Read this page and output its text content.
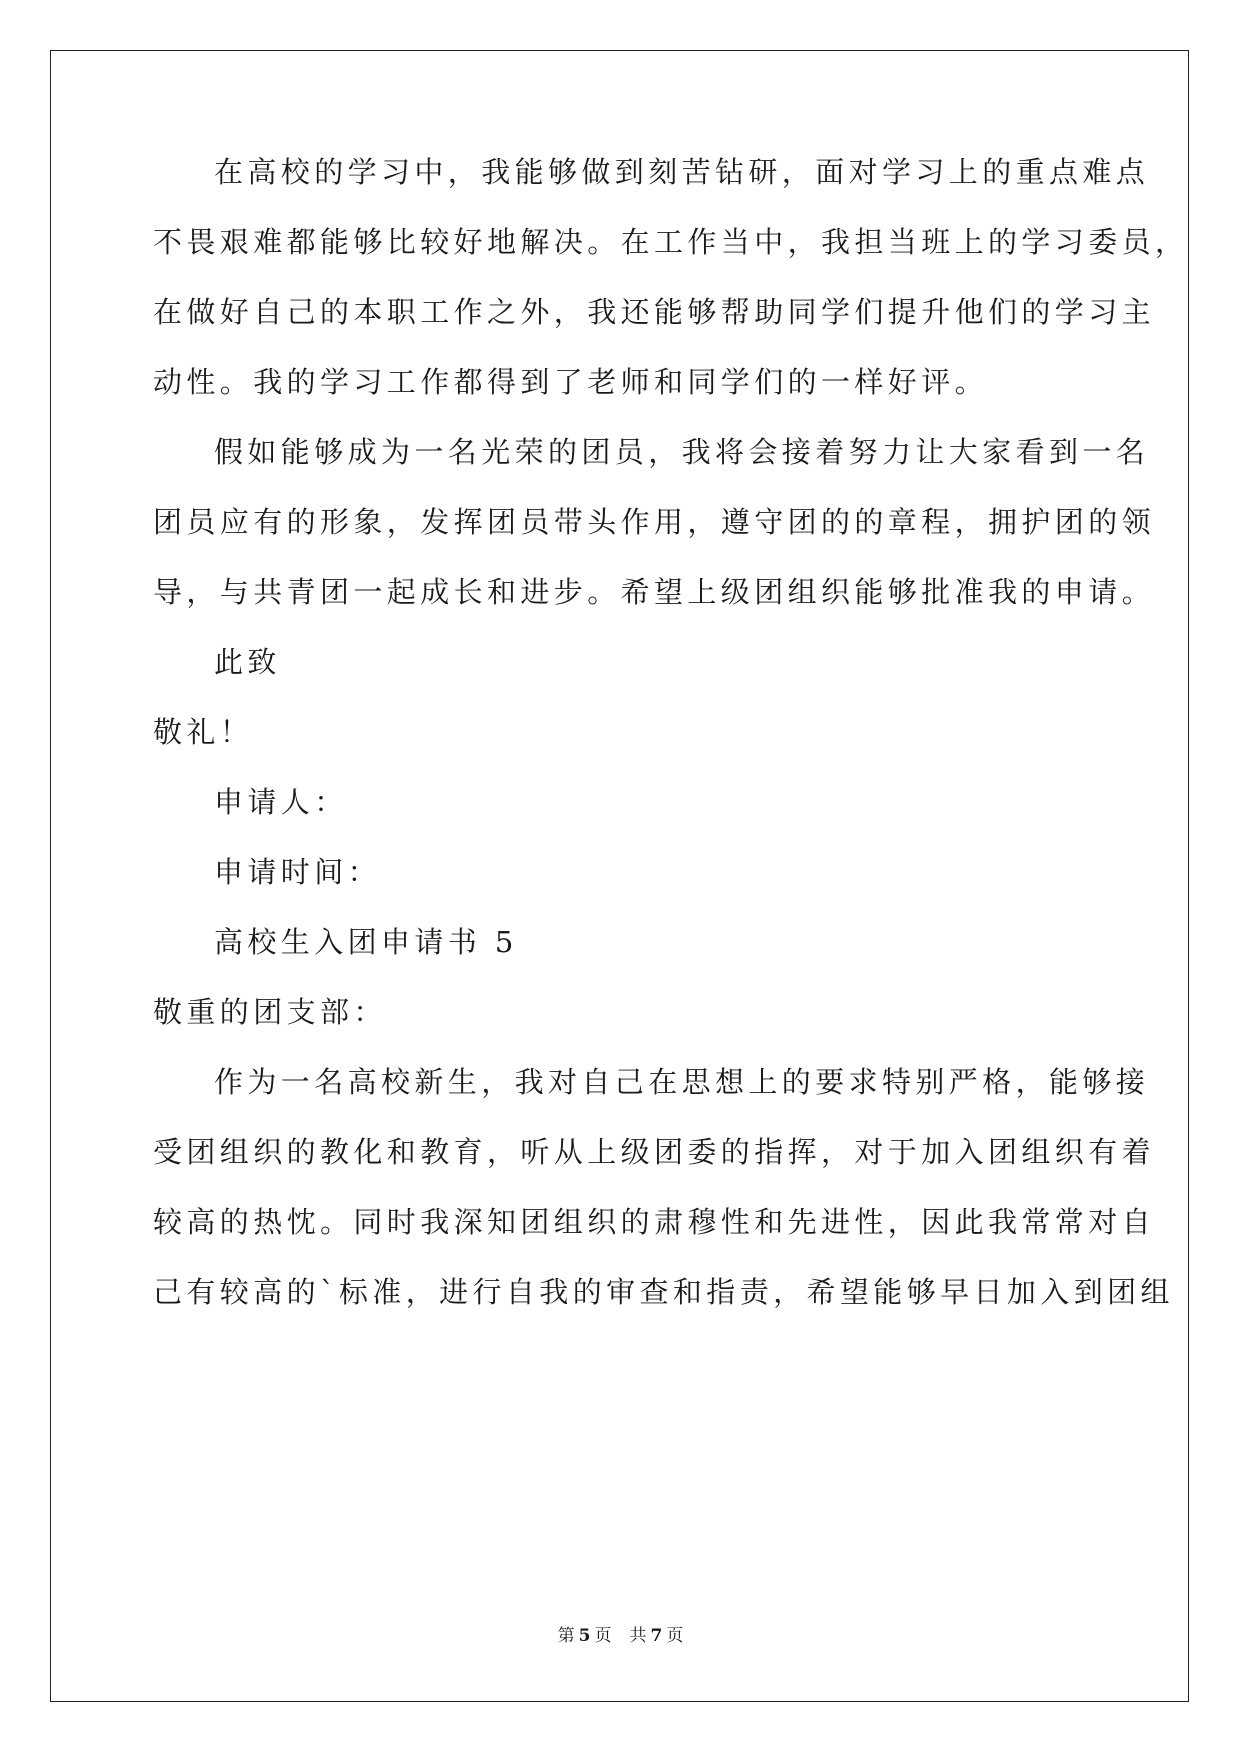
在高校的学习中，我能够做到刻苦钻研，面对学习上的重点难点
不畏艰难都能够比较好地解决。在工作当中，我担当班上的学习委员，
在做好自己的本职工作之外，我还能够帮助同学们提升他们的学习主
动性。我的学习工作都得到了老师和同学们的一样好评。
假如能够成为一名光荣的团员，我将会接着努力让大家看到一名
团员应有的形象，发挥团员带头作用，遵守团的的章程，拥护团的领
导，与共青团一起成长和进步。希望上级团组织能够批准我的申请。
此致
敬礼！
申请人：
申请时间：
高校生入团申请书 5
敬重的团支部：
作为一名高校新生，我对自己在思想上的要求特别严格，能够接
受团组织的教化和教育，听从上级团委的指挥，对于加入团组织有着
较高的热忱。同时我深知团组织的肃穆性和先进性，因此我常常对自
己有较高的`标准，进行自我的审查和指责，希望能够早日加入到团组
第 5 页 共 7 页
